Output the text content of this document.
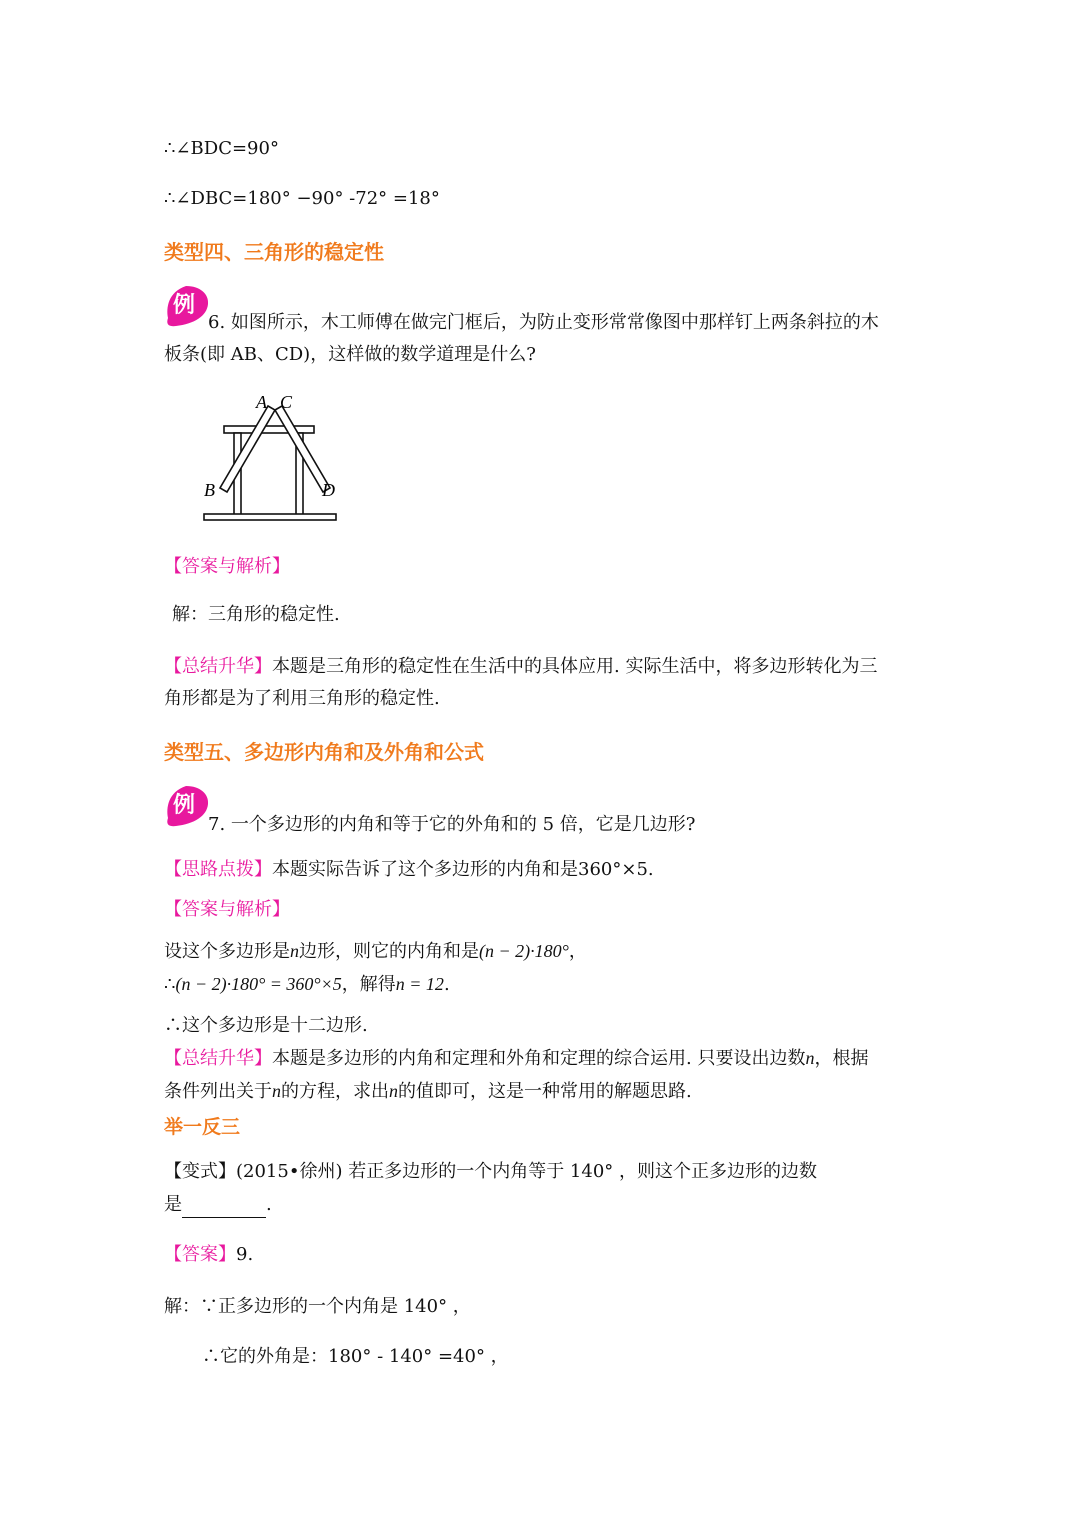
∴∠BDC=90°
∴∠DBC=180° −90° -72° =18°
类型四、三角形的稳定性
例
6. 如图所示，木工师傅在做完门框后，为防止变形常常像图中那样钉上两条斜拉的木
板条(即 AB、CD)，这样做的数学道理是什么?
A C
B	D
【答案与解析】
解：三角形的稳定性.
【总结升华】本题是三角形的稳定性在生活中的具体应用. 实际生活中，将多边形转化为三
角形都是为了利用三角形的稳定性.
类型五、多边形内角和及外角和公式
例
7. 一个多边形的内角和等于它的外角和的 5 倍，它是几边形?
【思路点拨】本题实际告诉了这个多边形的内角和是360°×5.
【答案与解析】
设这个多边形是n边形，则它的内角和是(n − 2)·180°，
∴(n − 2)·180° = 360°×5，解得n = 12.
∴这个多边形是十二边形.
【总结升华】本题是多边形的内角和定理和外角和定理的综合运用. 只要设出边数n，根据
条件列出关于n的方程，求出n的值即可，这是一种常用的解题思路.
举一反三
【变式】(2015•徐州) 若正多边形的一个内角等于 140° ，则这个正多边形的边数
是	.
【答案】9.
解：∵正多边形的一个内角是 140° ，
∴它的外角是：180° - 140° =40° ，
